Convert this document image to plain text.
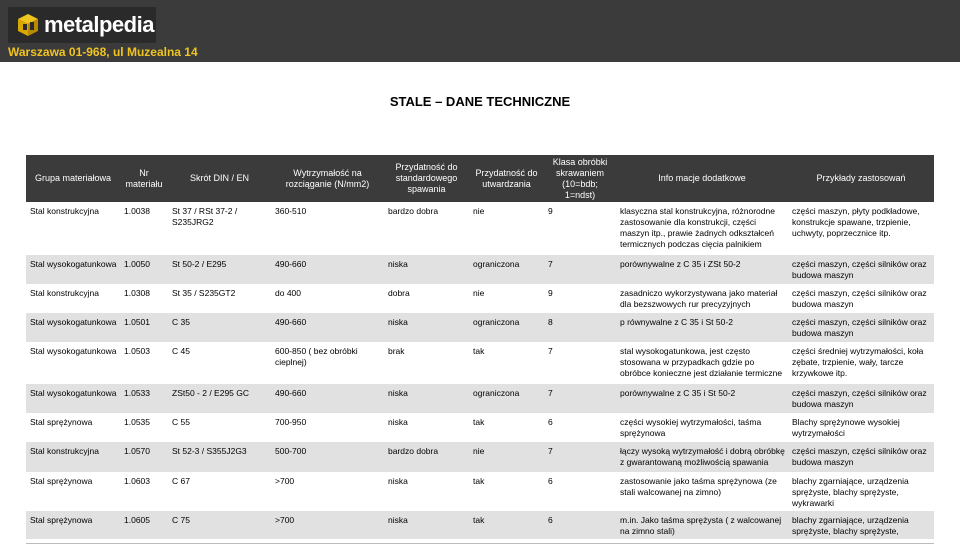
metalpedia
Warszawa 01-968, ul Muzealna 14
STALE – DANE TECHNICZNE
Grupa materiałowa	Nr materiału	Skrót DIN / EN	Wytrzymałość na rozciąganie (N/mm2)	Przydatność do standardowego spawania	Przydatność do utwardzania	Klasa obróbki skrawaniem (10=bdb; 1=ndst)	Info macje dodatkowe	Przykłady zastosowań
Stal konstrukcyjna	1.0038	St 37 / RSt 37-2 / S235JRG2	360-510	bardzo dobra	nie	9	klasyczna stal konstrukcyjna, różnorodne zastosowanie dla konstrukcji, części maszyn itp., prawie żadnych odkształceń termicznych podczas cięcia palnikiem	części maszyn, płyty podkładowe, konstrukcje spawane, trzpienie, uchwyty, poprzecznice itp.
Stal wysokogatunkowa	1.0050	St 50-2 / E295	490-660	niska	ograniczona	7	porównywalne z C 35 i ZSt 50-2	części maszyn, części silników oraz budowa maszyn
Stal konstrukcyjna	1.0308	St 35 / S235GT2	do 400	dobra	nie	9	zasadniczo wykorzystywana jako materiał dla bezszwowych rur precyzyjnych	części maszyn, części silników oraz budowa maszyn
Stal wysokogatunkowa	1.0501	C 35	490-660	niska	ograniczona	8	p równywalne z C 35 i St 50-2	części maszyn, części silników oraz budowa maszyn
Stal wysokogatunkowa	1.0503	C 45	600-850 ( bez obróbki cieplnej)	brak	tak	7	stal wysokogatunkowa, jest często stosowana w przypadkach gdzie po obróbce konieczne jest działanie termiczne	części średniej wytrzymałości, koła zębate, trzpienie, wały, tarcze krzywkowe itp.
Stal wysokogatunkowa	1.0533	ZSt50 - 2 / E295 GC	490-660	niska	ograniczona	7	porównywalne z C 35 i St 50-2	części maszyn, części silników oraz budowa maszyn
Stal sprężynowa	1.0535	C 55	700-950	niska	tak	6	części wysokiej wytrzymałości, taśma sprężynowa	Blachy sprężynowe wysokiej wytrzymałości
Stal konstrukcyjna	1.0570	St 52-3 / S355J2G3	500-700	bardzo dobra	nie	7	łączy wysoką wytrzymałość i dobrą obróbkę z gwarantowaną możliwością spawania	części maszyn, części silników oraz budowa maszyn
Stal sprężynowa	1.0603	C 67	>700	niska	tak	6	zastosowanie jako taśma sprężynowa (ze stali walcowanej na zimno)	blachy zgarniające, urządzenia sprężyste, blachy sprężyste, wykrawarki
Stal sprężynowa	1.0605	C 75	>700	niska	tak	6	m.in. Jako taśma sprężysta ( z walcowanej na zimno stali)	blachy zgarniające, urządzenia sprężyste, blachy sprężyste,
